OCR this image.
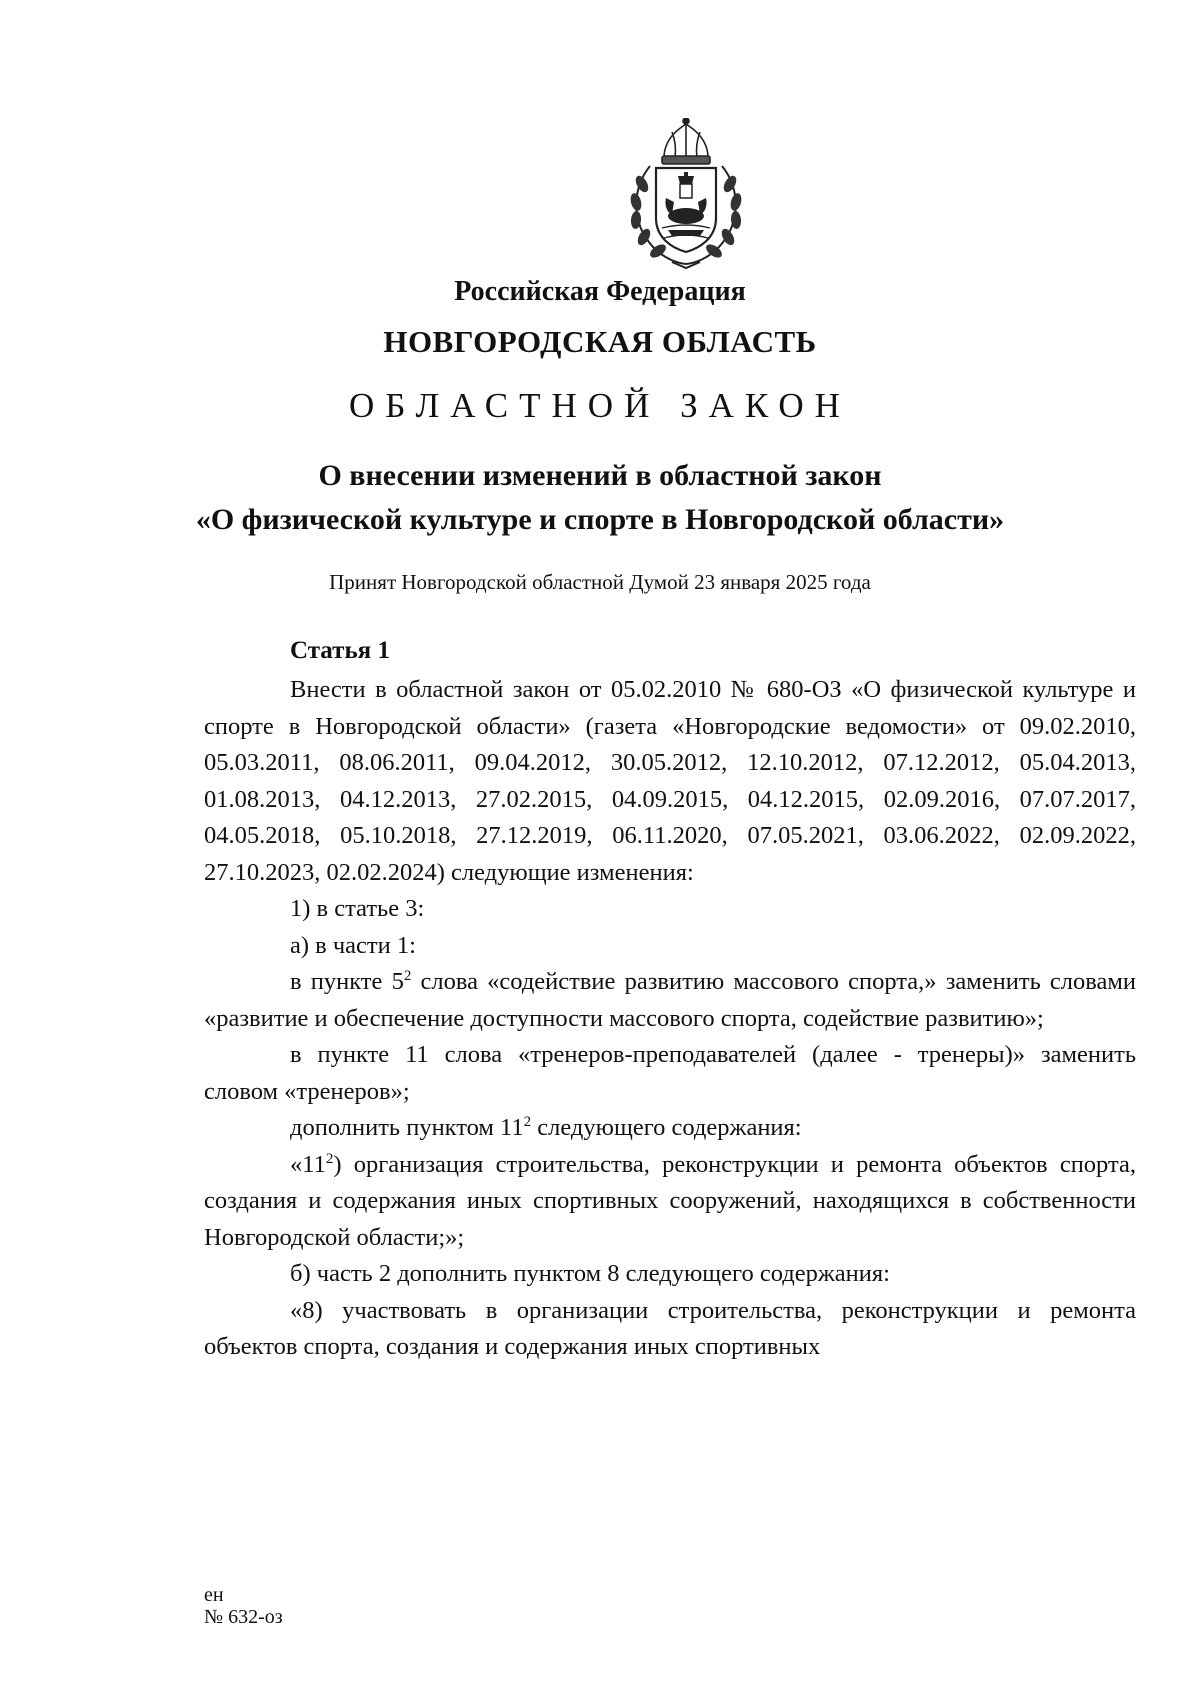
Российская Федерация
НОВГОРОДСКАЯ ОБЛАСТЬ
ОБЛАСТНОЙ ЗАКОН
О внесении изменений в областной закон
«О физической культуре и спорте в Новгородской области»
Принят Новгородской областной Думой 23 января 2025 года
Статья 1

Внести в областной закон от 05.02.2010 № 680-ОЗ «О физической культуре и спорте в Новгородской области» (газета «Новгородские ведомости» от 09.02.2010, 05.03.2011, 08.06.2011, 09.04.2012, 30.05.2012, 12.10.2012, 07.12.2012, 05.04.2013, 01.08.2013, 04.12.2013, 27.02.2015, 04.09.2015, 04.12.2015, 02.09.2016, 07.07.2017, 04.05.2018, 05.10.2018, 27.12.2019, 06.11.2020, 07.05.2021, 03.06.2022, 02.09.2022, 27.10.2023, 02.02.2024) следующие изменения:

1) в статье 3:

а) в части 1:

в пункте $5^2$ слова «содействие развитию массового спорта,» заменить словами «развитие и обеспечение доступности массового спорта, содействие развитию»;

в пункте 11 слова «тренеров-преподавателей (далее - тренеры)» заменить словом «тренеров»;

дополнить пунктом $11^2$ следующего содержания:

«$11^2$) организация строительства, реконструкции и ремонта объектов спорта, создания и содержания иных спортивных сооружений, находящихся в собственности Новгородской области;»;

б) часть 2 дополнить пунктом 8 следующего содержания:

«8) участвовать в организации строительства, реконструкции и ремонта объектов спорта, создания и содержания иных спортивных

ен
№ 632-оз
